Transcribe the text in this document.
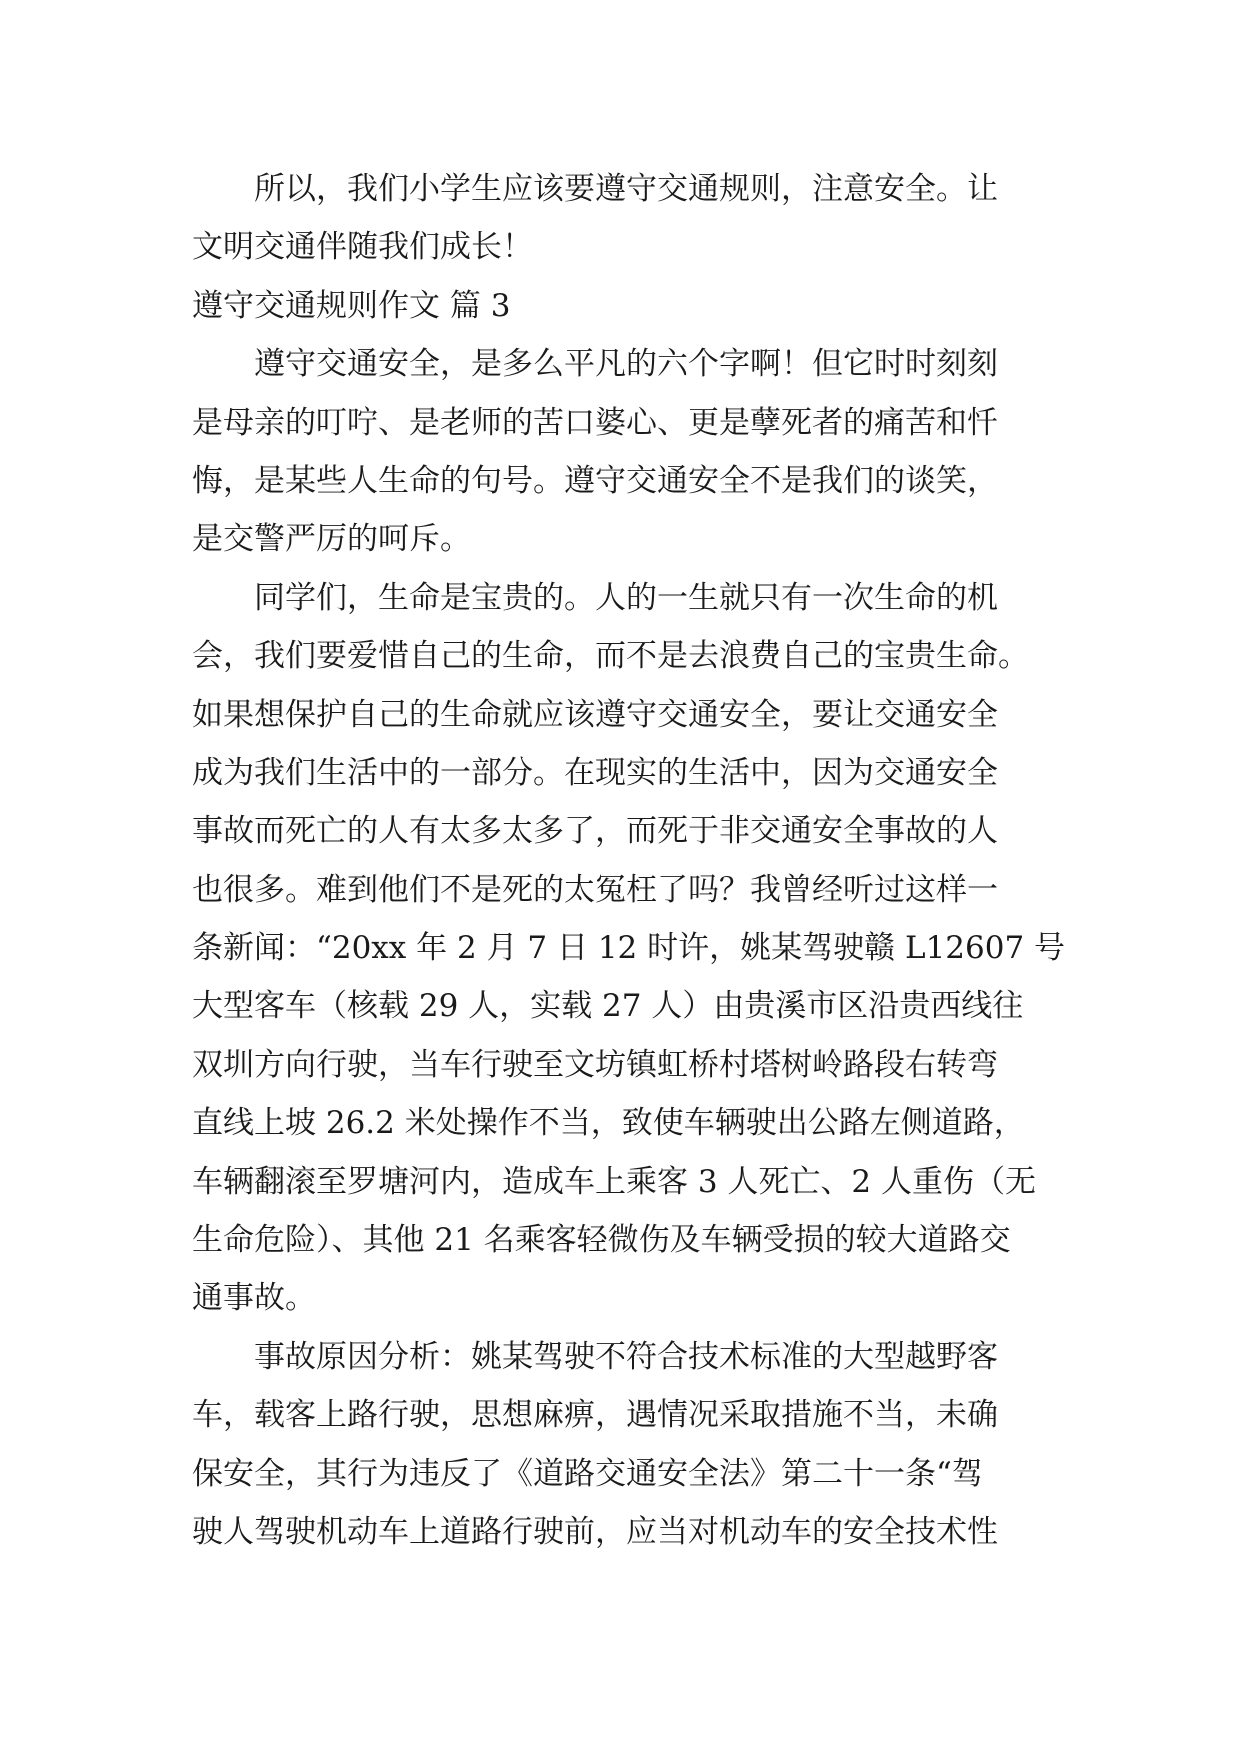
所以，我们小学生应该要遵守交通规则，注意安全。让
文明交通伴随我们成长！
遵守交通规则作文 篇 3
遵守交通安全，是多么平凡的六个字啊！但它时时刻刻
是母亲的叮咛、是老师的苦口婆心、更是孽死者的痛苦和忏
悔，是某些人生命的句号。遵守交通安全不是我们的谈笑，
是交警严厉的呵斥。
同学们，生命是宝贵的。人的一生就只有一次生命的机
会，我们要爱惜自己的生命，而不是去浪费自己的宝贵生命。
如果想保护自己的生命就应该遵守交通安全，要让交通安全
成为我们生活中的一部分。在现实的生活中，因为交通安全
事故而死亡的人有太多太多了，而死于非交通安全事故的人
也很多。难到他们不是死的太冤枉了吗？我曾经听过这样一
条新闻：“20xx 年 2 月 7 日 12 时许，姚某驾驶赣 L12607 号
大型客车（核载 29 人，实载 27 人）由贵溪市区沿贵西线往
双圳方向行驶，当车行驶至文坊镇虹桥村塔树岭路段右转弯
直线上坡 26.2 米处操作不当，致使车辆驶出公路左侧道路，
车辆翻滚至罗塘河内，造成车上乘客 3 人死亡、2 人重伤（无
生命危险）、其他 21 名乘客轻微伤及车辆受损的较大道路交
通事故。
事故原因分析：姚某驾驶不符合技术标准的大型越野客
车，载客上路行驶，思想麻痹，遇情况采取措施不当，未确
保安全，其行为违反了《道路交通安全法》第二十一条“驾
驶人驾驶机动车上道路行驶前，应当对机动车的安全技术性
